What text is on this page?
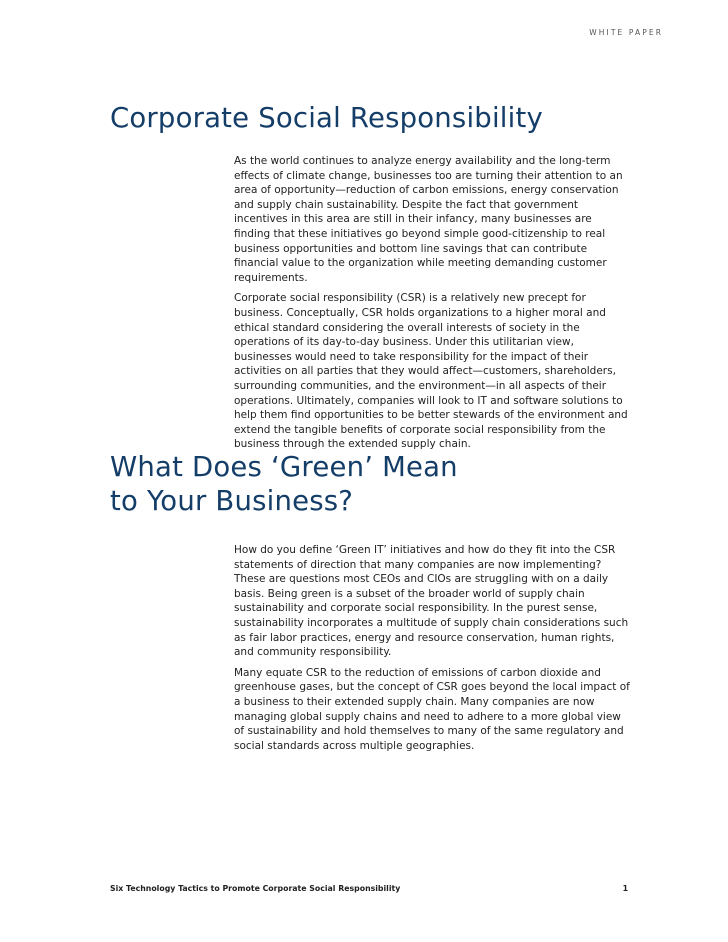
WHITE PAPER
Corporate Social Responsibility

As the world continues to analyze energy availability and the long-term effects of climate change, businesses too are turning their attention to an area of opportunity—reduction of carbon emissions, energy conservation and supply chain sustainability. Despite the fact that government incentives in this area are still in their infancy, many businesses are finding that these initiatives go beyond simple good-citizenship to real business opportunities and bottom line savings that can contribute financial value to the organization while meeting demanding customer requirements.

Corporate social responsibility (CSR) is a relatively new precept for business. Conceptually, CSR holds organizations to a higher moral and ethical standard considering the overall interests of society in the operations of its day-to-day business. Under this utilitarian view, businesses would need to take responsibility for the impact of their activities on all parties that they would affect—customers, shareholders, surrounding communities, and the environment—in all aspects of their operations. Ultimately, companies will look to IT and software solutions to help them find opportunities to be better stewards of the environment and extend the tangible benefits of corporate social responsibility from the business through the extended supply chain.

What Does ‘Green’ Mean
to Your Business?

How do you define ‘Green IT’ initiatives and how do they fit into the CSR statements of direction that many companies are now implementing? These are questions most CEOs and CIOs are struggling with on a daily basis. Being green is a subset of the broader world of supply chain sustainability and corporate social responsibility. In the purest sense, sustainability incorporates a multitude of supply chain considerations such as fair labor practices, energy and resource conservation, human rights, and community responsibility.

Many equate CSR to the reduction of emissions of carbon dioxide and greenhouse gases, but the concept of CSR goes beyond the local impact of a business to their extended supply chain. Many companies are now managing global supply chains and need to adhere to a more global view of sustainability and hold themselves to many of the same regulatory and social standards across multiple geographies.

Six Technology Tactics to Promote Corporate Social Responsibility	1
